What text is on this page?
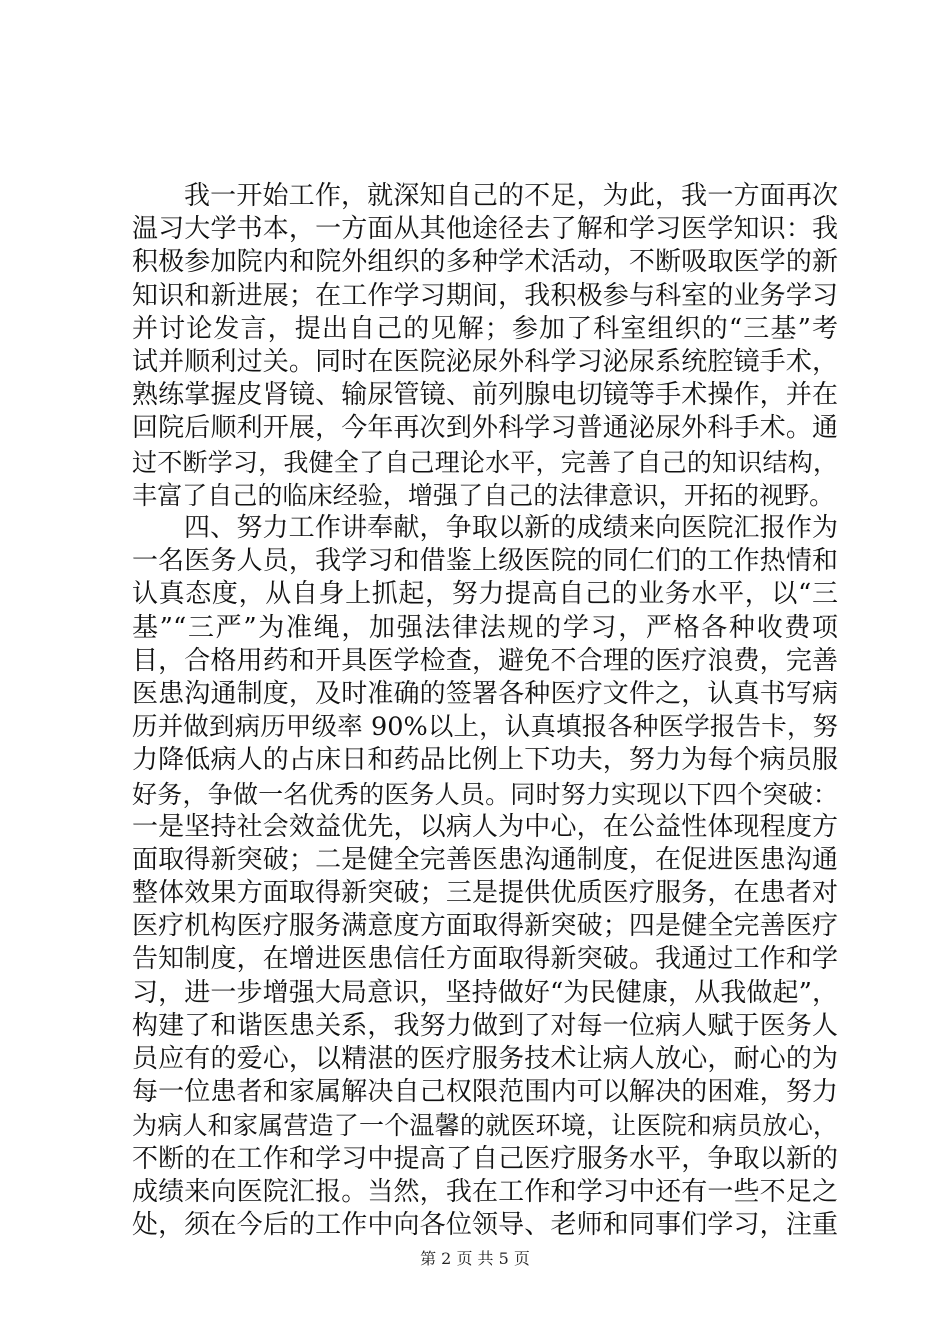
我一开始工作，就深知自己的不足，为此，我一方面再次
温习大学书本，一方面从其他途径去了解和学习医学知识：我
积极参加院内和院外组织的多种学术活动，不断吸取医学的新
知识和新进展；在工作学习期间，我积极参与科室的业务学习
并讨论发言，提出自己的见解；参加了科室组织的“三基”考
试并顺利过关。同时在医院泌尿外科学习泌尿系统腔镜手术，
熟练掌握皮肾镜、输尿管镜、前列腺电切镜等手术操作，并在
回院后顺利开展，今年再次到外科学习普通泌尿外科手术。通
过不断学习，我健全了自己理论水平，完善了自己的知识结构，
丰富了自己的临床经验，增强了自己的法律意识，开拓的视野。
四、努力工作讲奉献，争取以新的成绩来向医院汇报作为
一名医务人员，我学习和借鉴上级医院的同仁们的工作热情和
认真态度，从自身上抓起，努力提高自己的业务水平，以“三
基”“三严”为准绳，加强法律法规的学习，严格各种收费项
目，合格用药和开具医学检查，避免不合理的医疗浪费，完善
医患沟通制度，及时准确的签署各种医疗文件之，认真书写病
历并做到病历甲级率 90%以上，认真填报各种医学报告卡，努
力降低病人的占床日和药品比例上下功夫，努力为每个病员服
好务，争做一名优秀的医务人员。同时努力实现以下四个突破：
一是坚持社会效益优先，以病人为中心，在公益性体现程度方
面取得新突破；二是健全完善医患沟通制度，在促进医患沟通
整体效果方面取得新突破；三是提供优质医疗服务，在患者对
医疗机构医疗服务满意度方面取得新突破；四是健全完善医疗
告知制度，在增进医患信任方面取得新突破。我通过工作和学
习，进一步增强大局意识，坚持做好“为民健康，从我做起”，
构建了和谐医患关系，我努力做到了对每一位病人赋于医务人
员应有的爱心，以精湛的医疗服务技术让病人放心，耐心的为
每一位患者和家属解决自己权限范围内可以解决的困难，努力
为病人和家属营造了一个温馨的就医环境，让医院和病员放心，
不断的在工作和学习中提高了自己医疗服务水平，争取以新的
成绩来向医院汇报。当然，我在工作和学习中还有一些不足之
处，须在今后的工作中向各位领导、老师和同事们学习，注重
第 2 页 共 5 页
